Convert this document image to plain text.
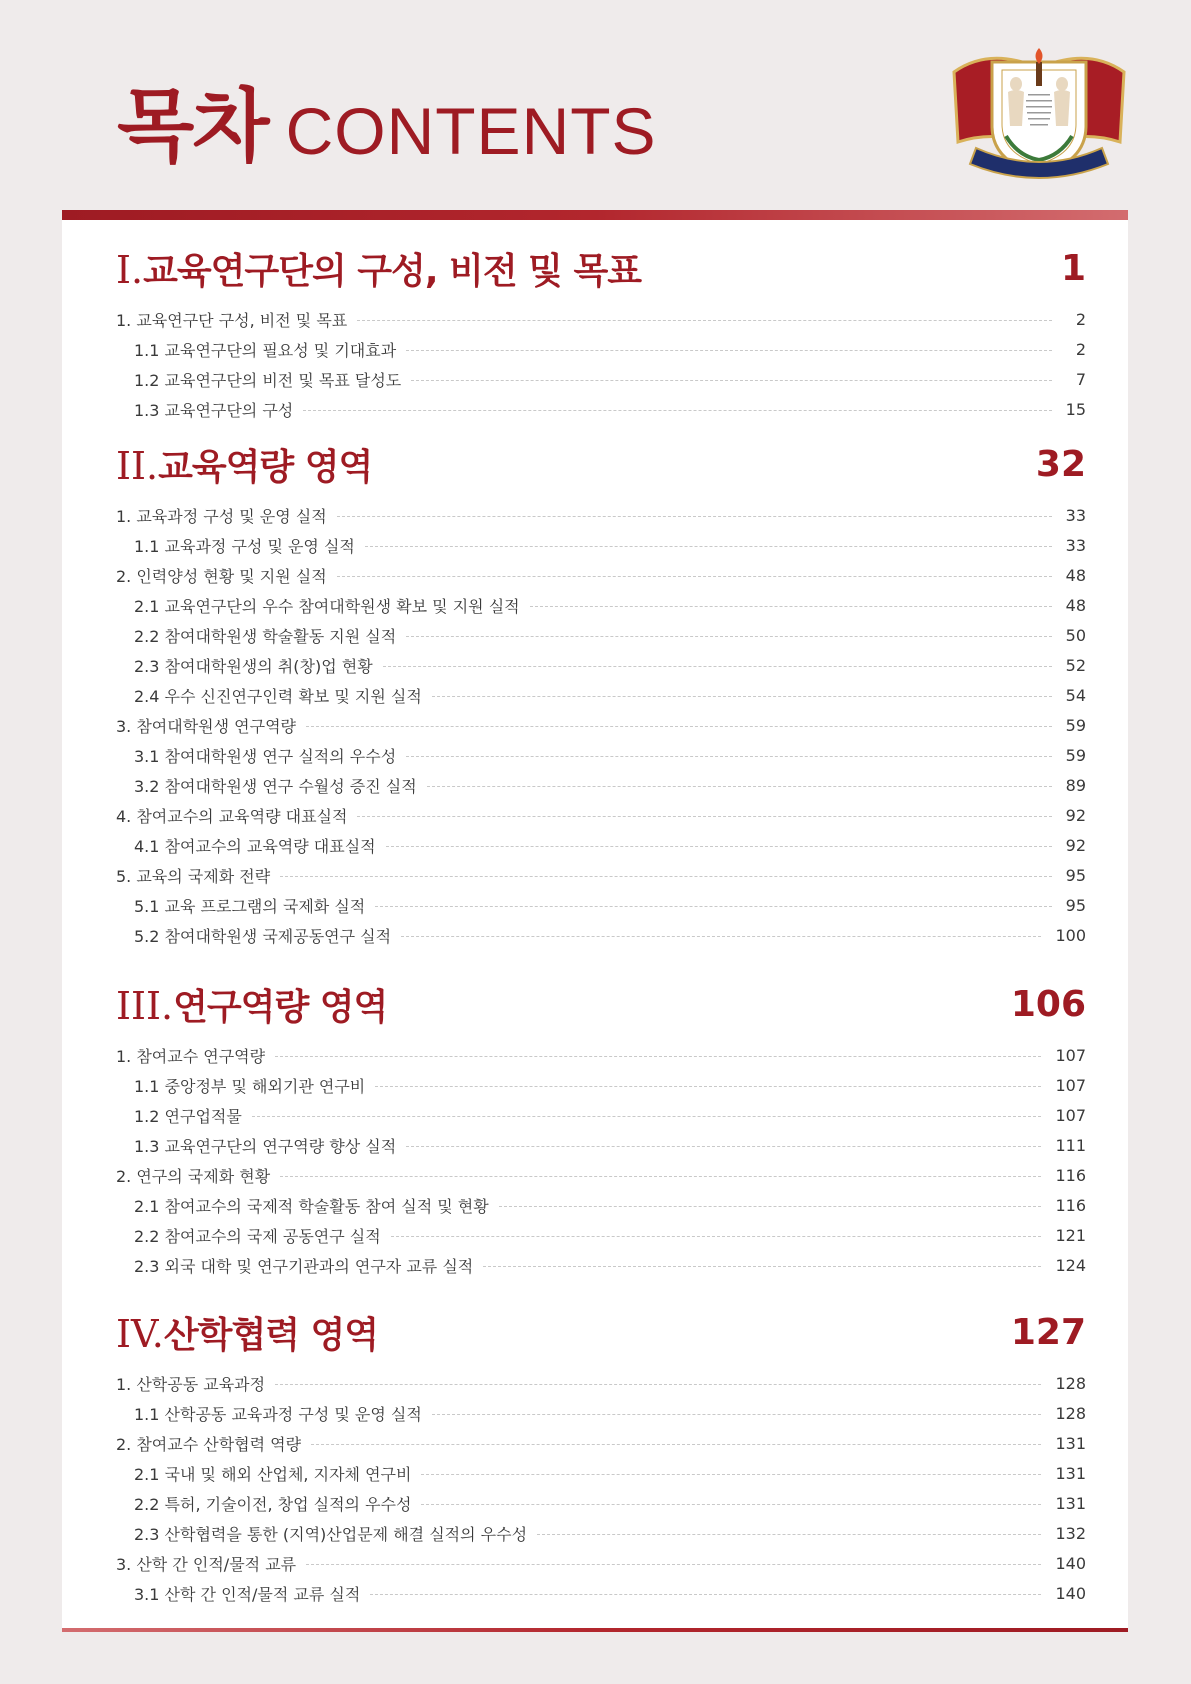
목차 CONTENTS
I.교육연구단의 구성, 비전 및 목표	1
1. 교육연구단 구성, 비전 및 목표	2
1.1 교육연구단의 필요성 및 기대효과	2
1.2 교육연구단의 비전 및 목표 달성도	7
1.3 교육연구단의 구성	15
II.교육역량 영역	32
1. 교육과정 구성 및 운영 실적	33
1.1 교육과정 구성 및 운영 실적	33
2. 인력양성 현황 및 지원 실적	48
2.1 교육연구단의 우수 참여대학원생 확보 및 지원 실적	48
2.2 참여대학원생 학술활동 지원 실적	50
2.3 참여대학원생의 취(창)업 현황	52
2.4 우수 신진연구인력 확보 및 지원 실적	54
3. 참여대학원생 연구역량	59
3.1 참여대학원생 연구 실적의 우수성	59
3.2 참여대학원생 연구 수월성 증진 실적	89
4. 참여교수의 교육역량 대표실적	92
4.1 참여교수의 교육역량 대표실적	92
5. 교육의 국제화 전략	95
5.1 교육 프로그램의 국제화 실적	95
5.2 참여대학원생 국제공동연구 실적	100
III.연구역량 영역	106
1. 참여교수 연구역량	107
1.1 중앙정부 및 해외기관 연구비	107
1.2 연구업적물	107
1.3 교육연구단의 연구역량 향상 실적	111
2. 연구의 국제화 현황	116
2.1 참여교수의 국제적 학술활동 참여 실적 및 현황	116
2.2 참여교수의 국제 공동연구 실적	121
2.3 외국 대학 및 연구기관과의 연구자 교류 실적	124
IV.산학협력 영역	127
1. 산학공동 교육과정	128
1.1 산학공동 교육과정 구성 및 운영 실적	128
2. 참여교수 산학협력 역량	131
2.1 국내 및 해외 산업체, 지자체 연구비	131
2.2 특허, 기술이전, 창업 실적의 우수성	131
2.3 산학협력을 통한 (지역)산업문제 해결 실적의 우수성	132
3. 산학 간 인적/물적 교류	140
3.1 산학 간 인적/물적 교류 실적	140
